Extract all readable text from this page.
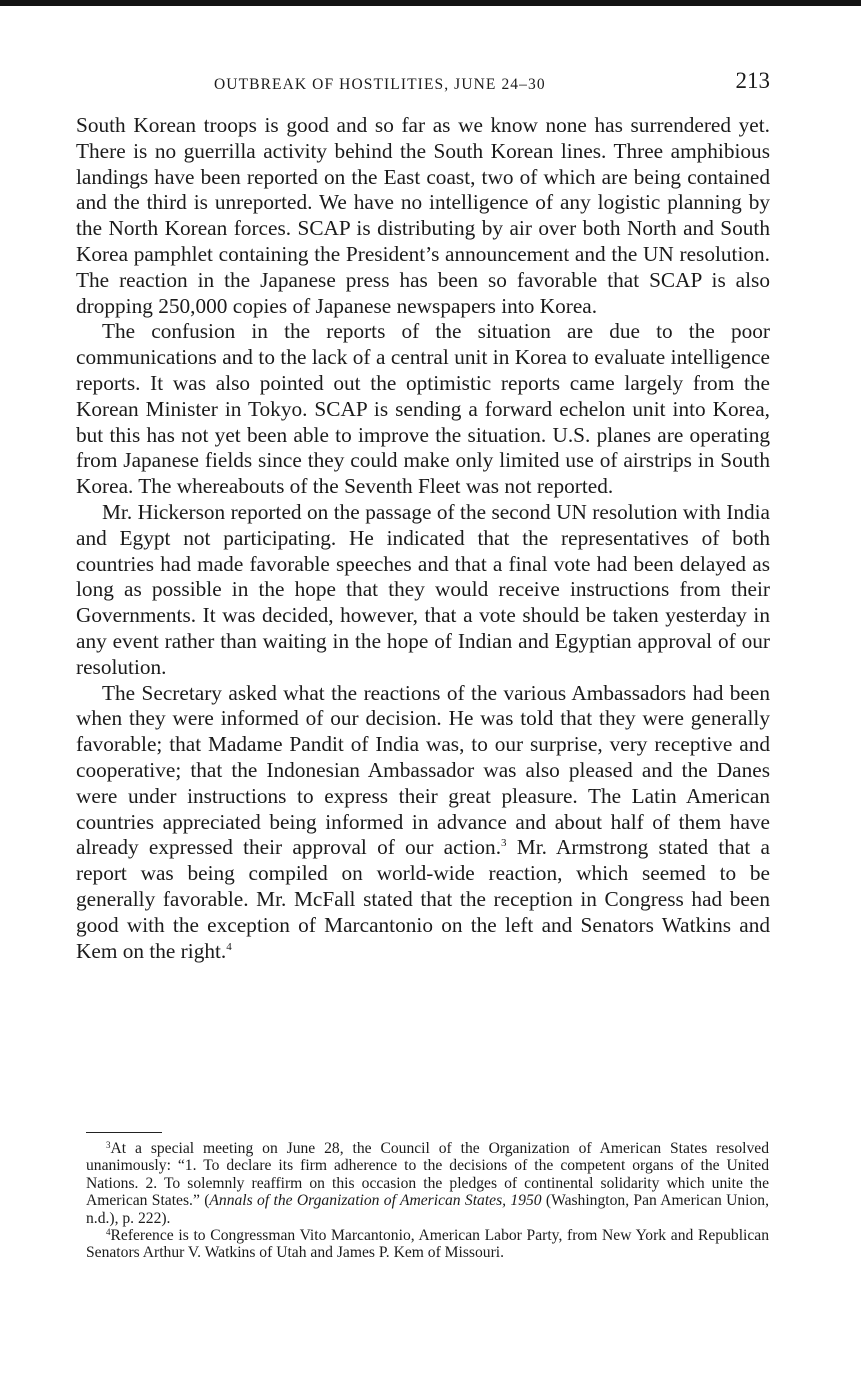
OUTBREAK OF HOSTILITIES, JUNE 24–30	213

South Korean troops is good and so far as we know none has surrendered yet. There is no guerrilla activity behind the South Korean lines. Three amphibious landings have been reported on the East coast, two of which are being contained and the third is unreported. We have no intelligence of any logistic planning by the North Korean forces. SCAP is distributing by air over both North and South Korea pamphlet containing the President’s announcement and the UN resolution. The reaction in the Japanese press has been so favorable that SCAP is also dropping 250,000 copies of Japanese newspapers into Korea.

The confusion in the reports of the situation are due to the poor communications and to the lack of a central unit in Korea to evaluate intelligence reports. It was also pointed out the optimistic reports came largely from the Korean Minister in Tokyo. SCAP is sending a forward echelon unit into Korea, but this has not yet been able to improve the situation. U.S. planes are operating from Japanese fields since they could make only limited use of airstrips in South Korea. The whereabouts of the Seventh Fleet was not reported.

Mr. Hickerson reported on the passage of the second UN resolution with India and Egypt not participating. He indicated that the representatives of both countries had made favorable speeches and that a final vote had been delayed as long as possible in the hope that they would receive instructions from their Governments. It was decided, however, that a vote should be taken yesterday in any event rather than waiting in the hope of Indian and Egyptian approval of our resolution.

The Secretary asked what the reactions of the various Ambassadors had been when they were informed of our decision. He was told that they were generally favorable; that Madame Pandit of India was, to our surprise, very receptive and cooperative; that the Indonesian Ambassador was also pleased and the Danes were under instructions to express their great pleasure. The Latin American countries appreciated being informed in advance and about half of them have already expressed their approval of our action.$^3$ Mr. Armstrong stated that a report was being compiled on world-wide reaction, which seemed to be generally favorable. Mr. McFall stated that the reception in Congress had been good with the exception of Marcantonio on the left and Senators Watkins and Kem on the right.$^4$

$^3$At a special meeting on June 28, the Council of the Organization of American States resolved unanimously: “1. To declare its firm adherence to the decisions of the competent organs of the United Nations. 2. To solemnly reaffirm on this occasion the pledges of continental solidarity which unite the American States.” (Annals of the Organization of American States, 1950 (Washington, Pan American Union, n.d.), p. 222).

$^4$Reference is to Congressman Vito Marcantonio, American Labor Party, from New York and Republican Senators Arthur V. Watkins of Utah and James P. Kem of Missouri.
